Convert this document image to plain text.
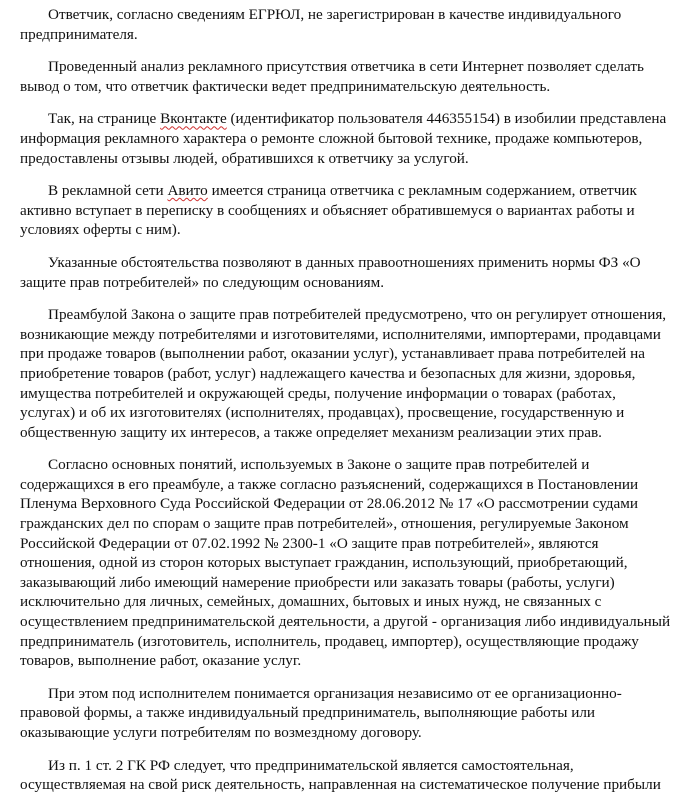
Ответчик, согласно сведениям ЕГРЮЛ, не зарегистрирован в качестве индивидуального
предпринимателя.

Проведенный анализ рекламного присутствия ответчика в сети Интернет позволяет сделать
вывод о том, что ответчик фактически ведет предпринимательскую деятельность.

Так, на странице Вконтакте (идентификатор пользователя 446355154) в изобилии представлена
информация рекламного характера о ремонте сложной бытовой технике, продаже компьютеров,
предоставлены отзывы людей, обратившихся к ответчику за услугой.

В рекламной сети Авито имеется страница ответчика с рекламным содержанием, ответчик
активно вступает в переписку в сообщениях и объясняет обратившемуся о вариантах работы и
условиях оферты с ним).

Указанные обстоятельства позволяют в данных правоотношениях применить нормы ФЗ «О
защите прав потребителей» по следующим основаниям.

Преамбулой Закона о защите прав потребителей предусмотрено, что он регулирует отношения,
возникающие между потребителями и изготовителями, исполнителями, импортерами, продавцами
при продаже товаров (выполнении работ, оказании услуг), устанавливает права потребителей на
приобретение товаров (работ, услуг) надлежащего качества и безопасных для жизни, здоровья,
имущества потребителей и окружающей среды, получение информации о товарах (работах,
услугах) и об их изготовителях (исполнителях, продавцах), просвещение, государственную и
общественную защиту их интересов, а также определяет механизм реализации этих прав.

Согласно основных понятий, используемых в Законе о защите прав потребителей и
содержащихся в его преамбуле, а также согласно разъяснений, содержащихся в Постановлении
Пленума Верховного Суда Российской Федерации от 28.06.2012 № 17 «О рассмотрении судами
гражданских дел по спорам о защите прав потребителей», отношения, регулируемые Законом
Российской Федерации от 07.02.1992 № 2300-1 «О защите прав потребителей», являются
отношения, одной из сторон которых выступает гражданин, использующий, приобретающий,
заказывающий либо имеющий намерение приобрести или заказать товары (работы, услуги)
исключительно для личных, семейных, домашних, бытовых и иных нужд, не связанных с
осуществлением предпринимательской деятельности, а другой - организация либо индивидуальный
предприниматель (изготовитель, исполнитель, продавец, импортер), осуществляющие продажу
товаров, выполнение работ, оказание услуг.

При этом под исполнителем понимается организация независимо от ее организационно-
правовой формы, а также индивидуальный предприниматель, выполняющие работы или
оказывающие услуги потребителям по возмездному договору.

Из п. 1 ст. 2 ГК РФ следует, что предпринимательской является самостоятельная,
осуществляемая на свой риск деятельность, направленная на систематическое получение прибыли
